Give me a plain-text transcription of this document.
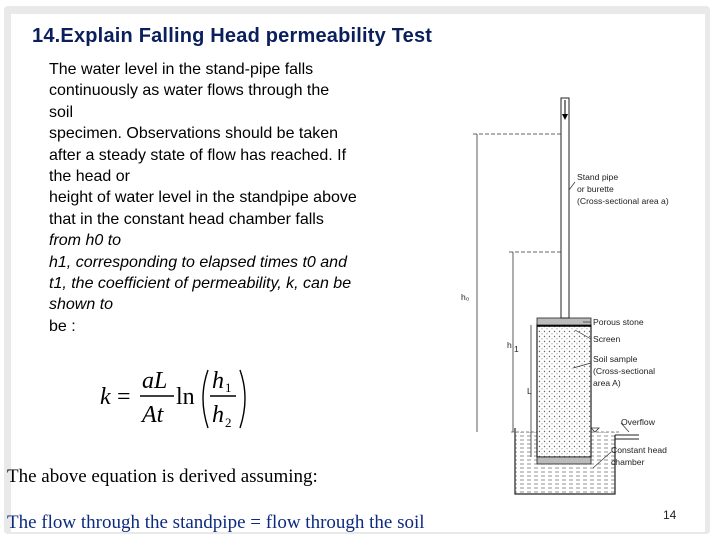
14.Explain Falling Head permeability Test
The water level in the stand-pipe falls
continuously as water flows through the
soil
specimen. Observations should be taken
after a steady state of flow has reached. If
the head or
height of water level in the standpipe above
that in the constant head chamber falls
from h0 to
h1, corresponding to elapsed times t0 and
t1, the coefficient of permeability, k, can be
shown to
be :
k =
aL
At
ln
h 1
h 2
h₀
h 1
L
Stand pipe
or burette
(Cross-sectional area a)
Porous stone
Screen
Soil sample
(Cross-sectional
area A)
Overflow
Constant head
chamber
The above equation is derived assuming:
The flow through the standpipe = flow through the soil	14
